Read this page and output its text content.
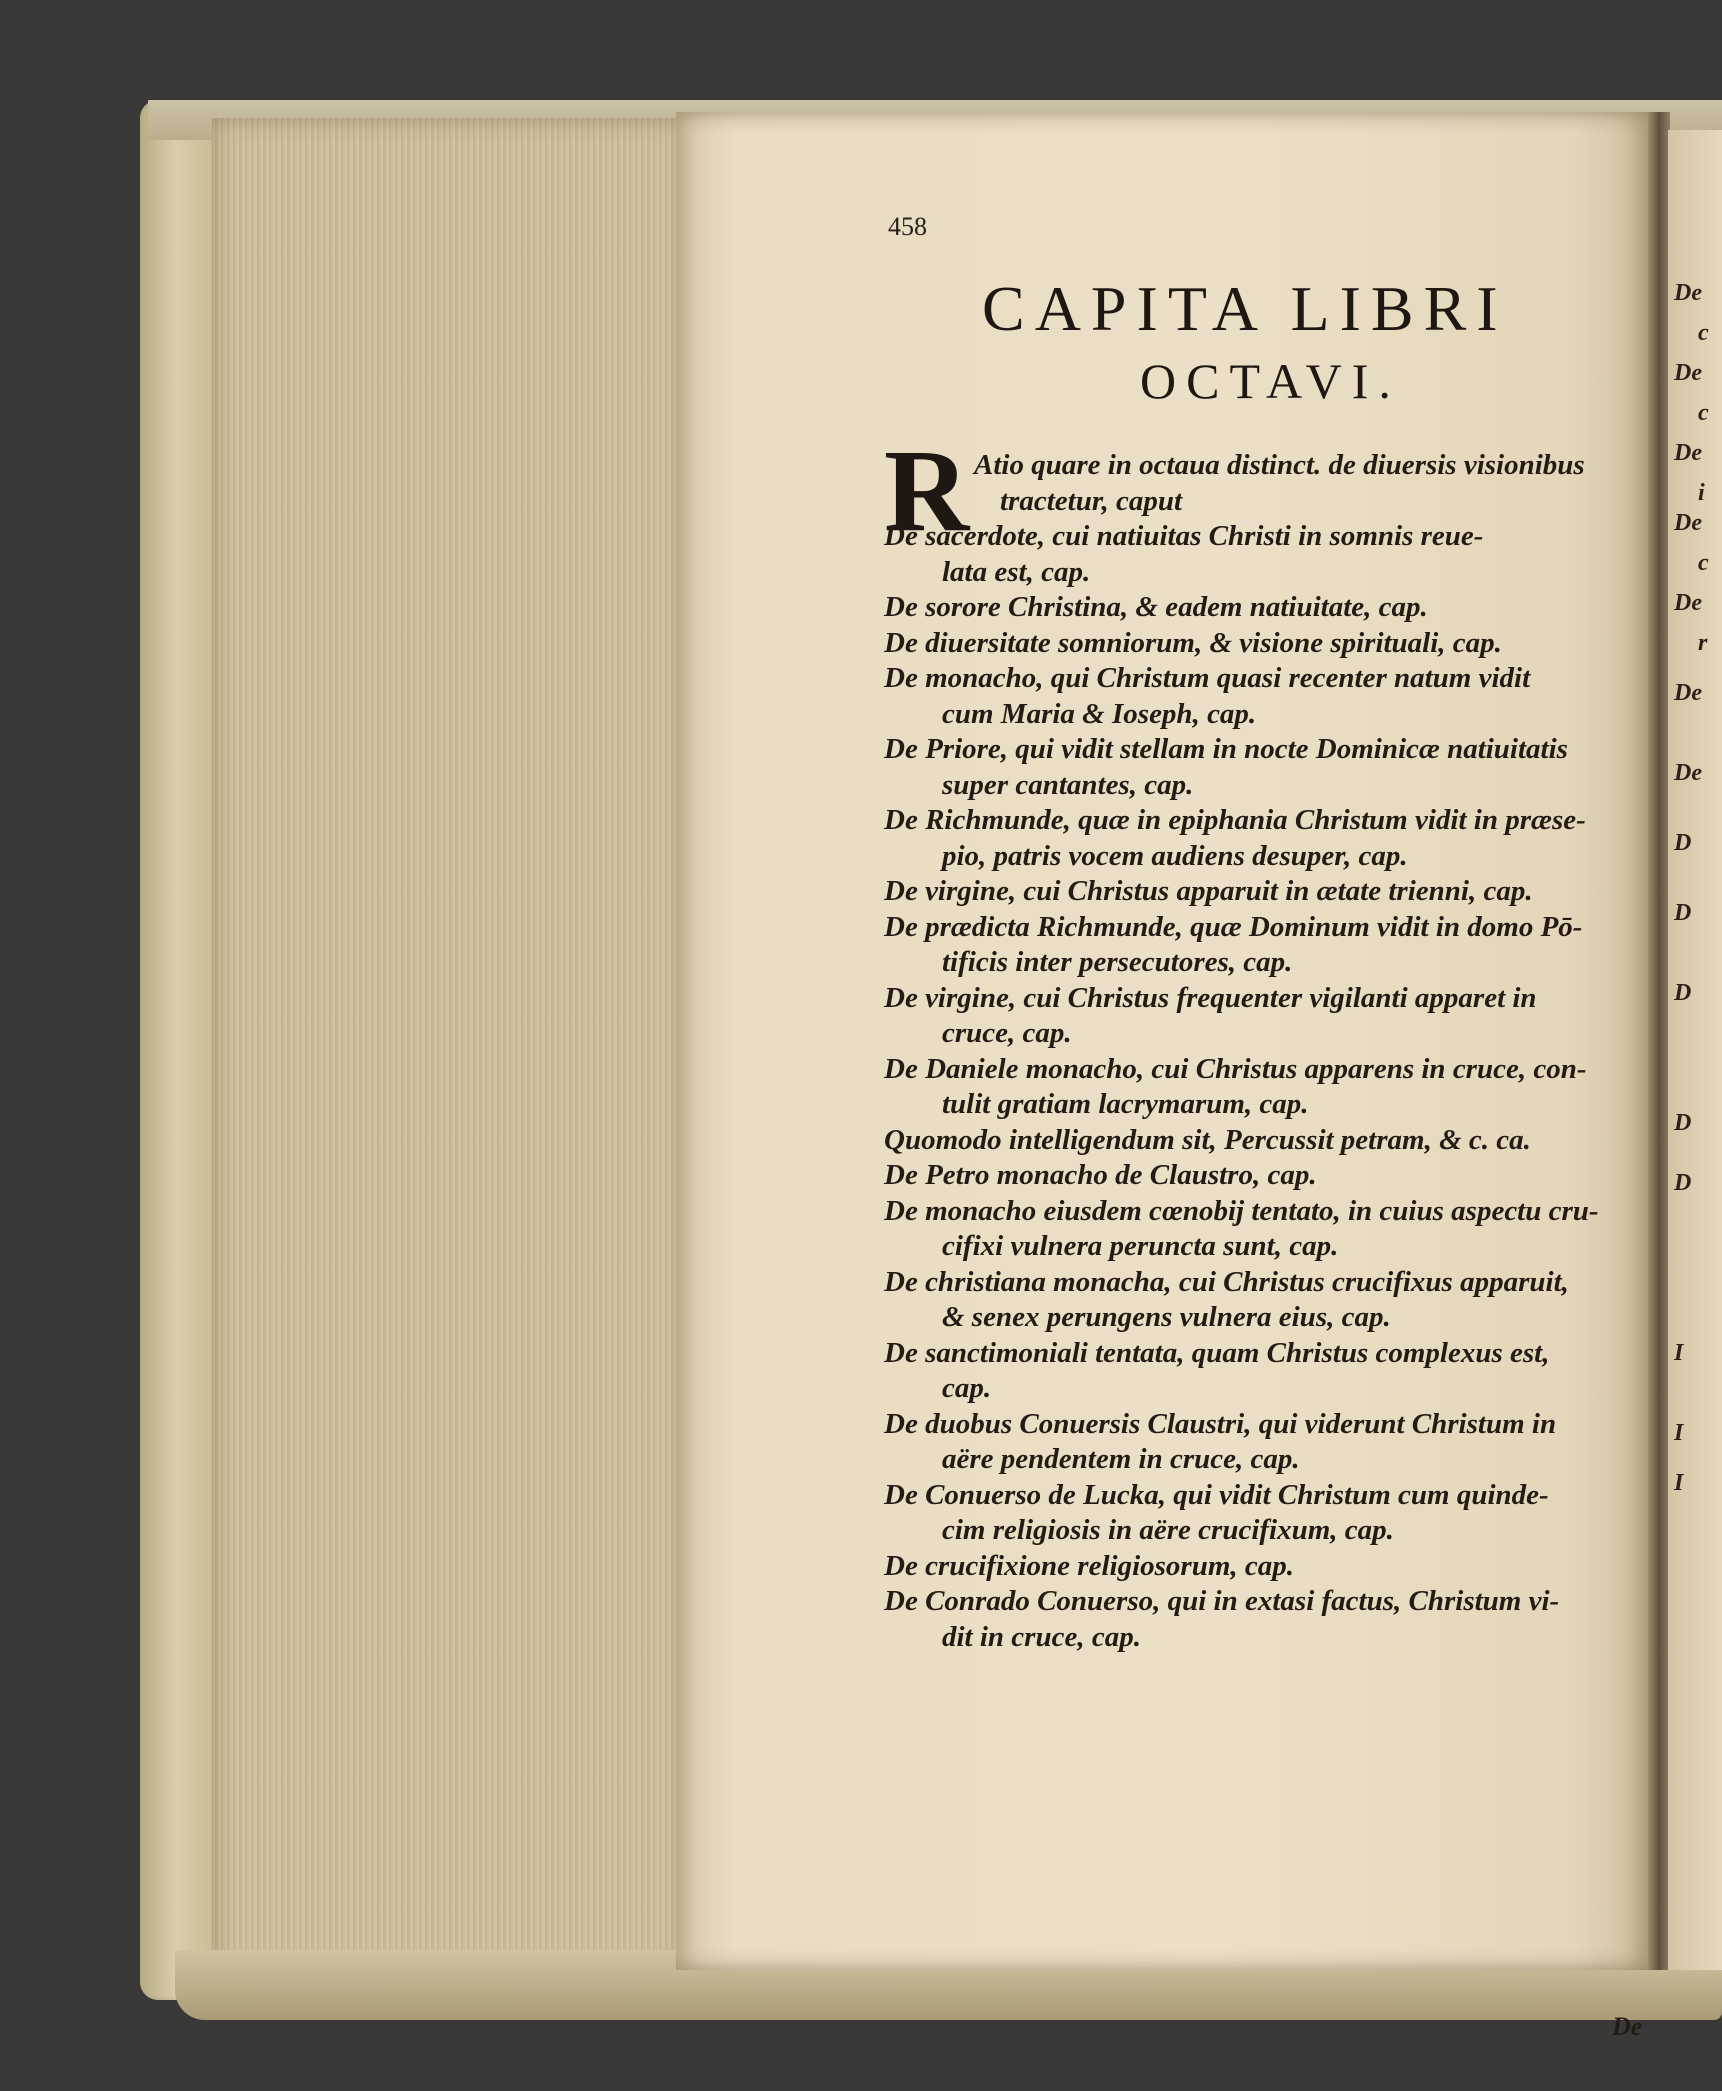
De
c
De
c
De
i
De
c
De
r
De
De
D
D
D
D
D
I
I
I
458
CAPITA LIBRI
OCTAVI.
R Atio quare in octaua distinct. de diuersis visionibus
tractetur, caput
De sacerdote, cui natiuitas Christi in somnis reue-
lata est, cap.
De sorore Christina, & eadem natiuitate, cap.
De diuersitate somniorum, & visione spirituali, cap.
De monacho, qui Christum quasi recenter natum vidit
cum Maria & Ioseph, cap.
De Priore, qui vidit stellam in nocte Dominicæ natiuitatis
super cantantes, cap.
De Richmunde, quæ in epiphania Christum vidit in præse-
pio, patris vocem audiens desuper, cap.
De virgine, cui Christus apparuit in ætate trienni, cap.
De prædicta Richmunde, quæ Dominum vidit in domo Pō-
tificis inter persecutores, cap.
De virgine, cui Christus frequenter vigilanti apparet in
cruce, cap.
De Daniele monacho, cui Christus apparens in cruce, con-
tulit gratiam lacrymarum, cap.
Quomodo intelligendum sit, Percussit petram, & c. ca.
De Petro monacho de Claustro, cap.
De monacho eiusdem cœnobij tentato, in cuius aspectu cru-
cifixi vulnera peruncta sunt, cap.
De christiana monacha, cui Christus crucifixus apparuit,
& senex perungens vulnera eius, cap.
De sanctimoniali tentata, quam Christus complexus est,
cap.
De duobus Conuersis Claustri, qui viderunt Christum in
aëre pendentem in cruce, cap.
De Conuerso de Lucka, qui vidit Christum cum quinde-
cim religiosis in aëre crucifixum, cap.
De crucifixione religiosorum, cap.
De Conrado Conuerso, qui in extasi factus, Christum vi-
dit in cruce, cap.
De
